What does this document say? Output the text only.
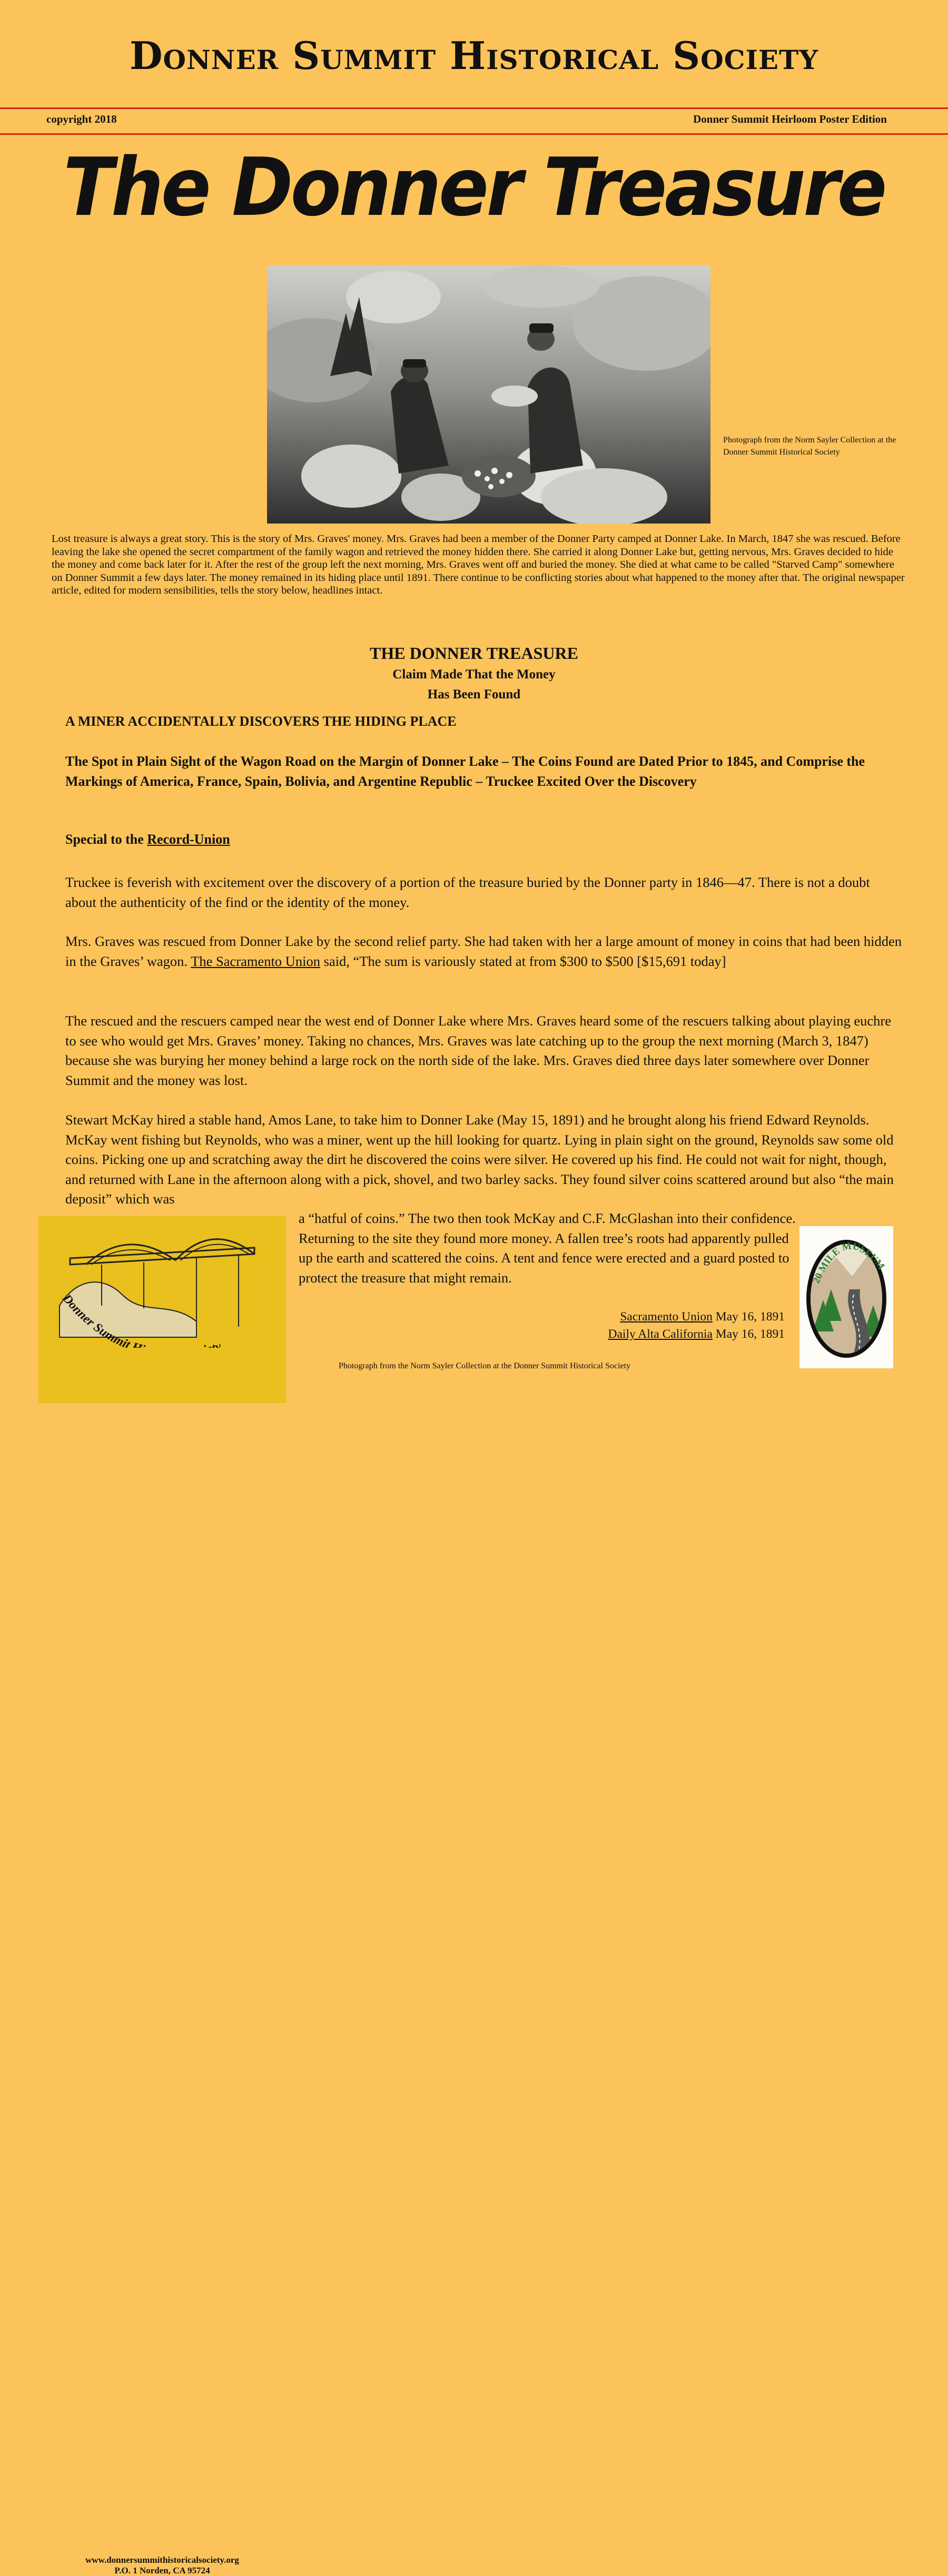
Donner Summit Historical Society
copyright 2018	Donner Summit Heirloom Poster Edition
The Donner Treasure
Photograph from the Norm Sayler Collection at the Donner Summit Historical Society
Lost treasure is always a great story. This is the story of Mrs. Graves' money. Mrs. Graves had been a member of the Donner Party camped at Donner Lake. In March, 1847 she was rescued. Before leaving the lake she opened the secret compartment of the family wagon and retrieved the money hidden there. She carried it along Donner Lake but, getting nervous, Mrs. Graves decided to hide the money and come back later for it. After the rest of the group left the next morning, Mrs. Graves went off and buried the money. She died at what came to be called "Starved Camp" somewhere on Donner Summit a few days later. The money remained in its hiding place until 1891. There continue to be conflicting stories about what happened to the money after that. The original newspaper article, edited for modern sensibilities, tells the story below, headlines intact.
THE DONNER TREASURE
Claim Made That the Money
Has Been Found
A MINER ACCIDENTALLY DISCOVERS THE HIDING PLACE
The Spot in Plain Sight of the Wagon Road on the Margin of Donner Lake – The Coins Found are Dated Prior to 1845, and Comprise the Markings of America, France, Spain, Bolivia, and Argentine Republic – Truckee Excited Over the Discovery
Special to the Record-Union
Truckee is feverish with excitement over the discovery of a portion of the treasure buried by the Donner party in 1846—47. There is not a doubt about the authenticity of the find or the identity of the money.
Mrs. Graves was rescued from Donner Lake by the second relief party. She had taken with her a large amount of money in coins that had been hidden in the Graves’ wagon. The Sacramento Union said, “The sum is variously stated at from $300 to $500 [$15,691 today]
The rescued and the rescuers camped near the west end of Donner Lake where Mrs. Graves heard some of the rescuers talking about playing euchre to see who would get Mrs. Graves’ money. Taking no chances, Mrs. Graves was late catching up to the group the next morning (March 3, 1847) because she was burying her money behind a large rock on the north side of the lake. Mrs. Graves died three days later somewhere over Donner Summit and the money was lost.
Stewart McKay hired a stable hand, Amos Lane, to take him to Donner Lake (May 15, 1891) and he brought along his friend Edward Reynolds. McKay went fishing but Reynolds, who was a miner, went up the hill looking for quartz. Lying in plain sight on the ground, Reynolds saw some old coins. Picking one up and scratching away the dirt he discovered the coins were silver. He covered up his find. He could not wait for night, though, and returned with Lane in the afternoon along with a pick, shovel, and two barley sacks. They found silver coins scattered around but also “the main deposit” which was
a “hatful of coins.” The two then took McKay and C.F. McGlashan into their confidence. Returning to the site they found more money. A fallen tree’s roots had apparently pulled up the earth and scattered the coins. A tent and fence were erected and a guard posted to protect the treasure that might remain.
Sacramento Union May 16, 1891
Daily Alta California May 16, 1891
Photograph from the Norm Sayler Collection at the Donner Summit Historical Society
Donner Summit y
www.donnersummithistoricalsociety.org
P.O. 1 Norden, CA 95724
20 MILE MUSEUM
